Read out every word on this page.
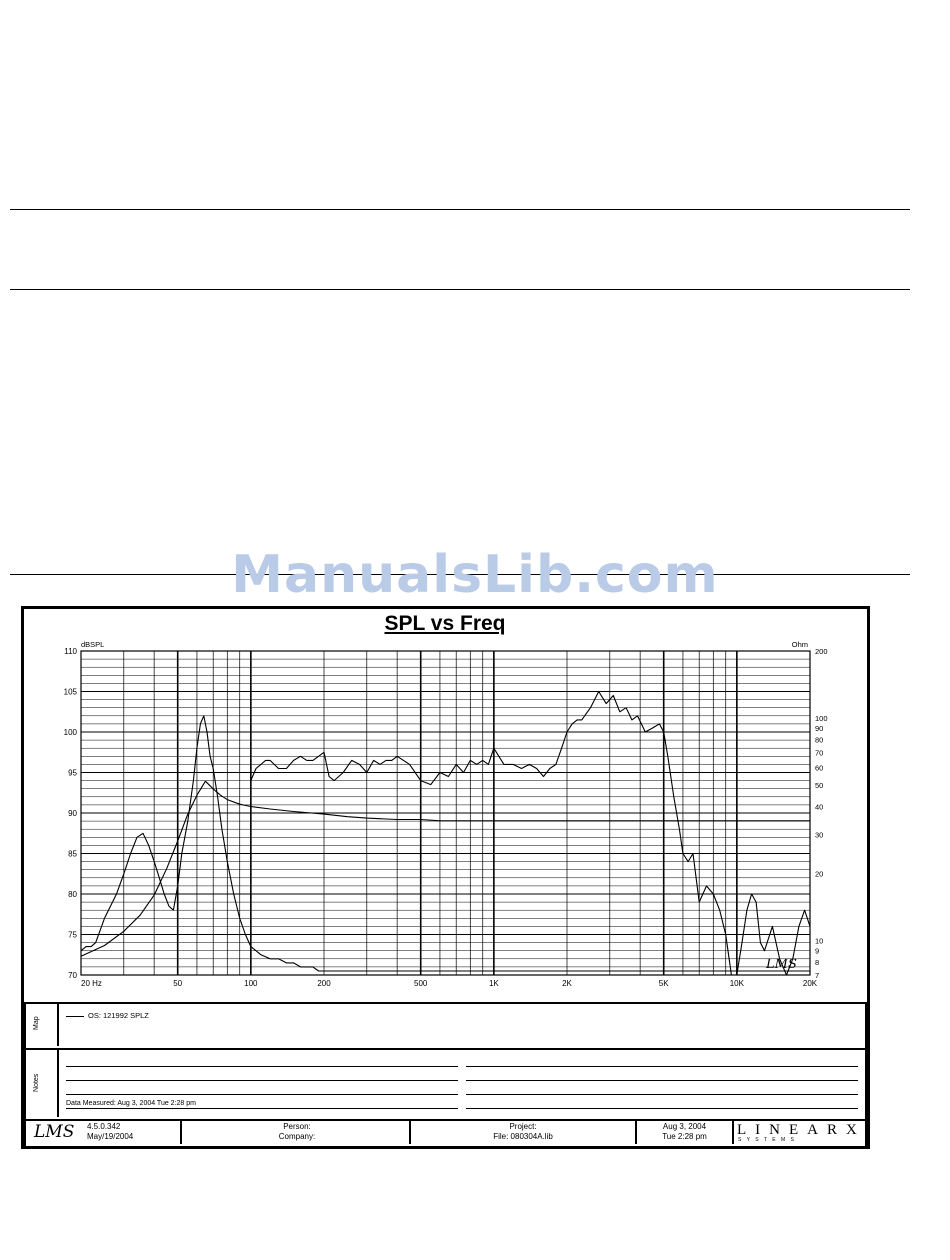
ManualsLib.com
110
105
100
95
90
85
80
75
70
200
100
90
80
70
60
50
40
30
20
10
9
8
7
20 Hz	50	100	200	500	1K	2K	5K	10K	20K
dBSPL	Ohm
LMS
SPL vs Freq
Map
OS: 121992 SPLZ
Notes
Data Measured: Aug 3, 2004 Tue 2:28 pm
LMS 4.5.0.342
May/19/2004
Person:
Company:
Project:
File: 080304A.lib
Aug 3, 2004
Tue 2:28 pm	LINEARX
S Y S T E M S
